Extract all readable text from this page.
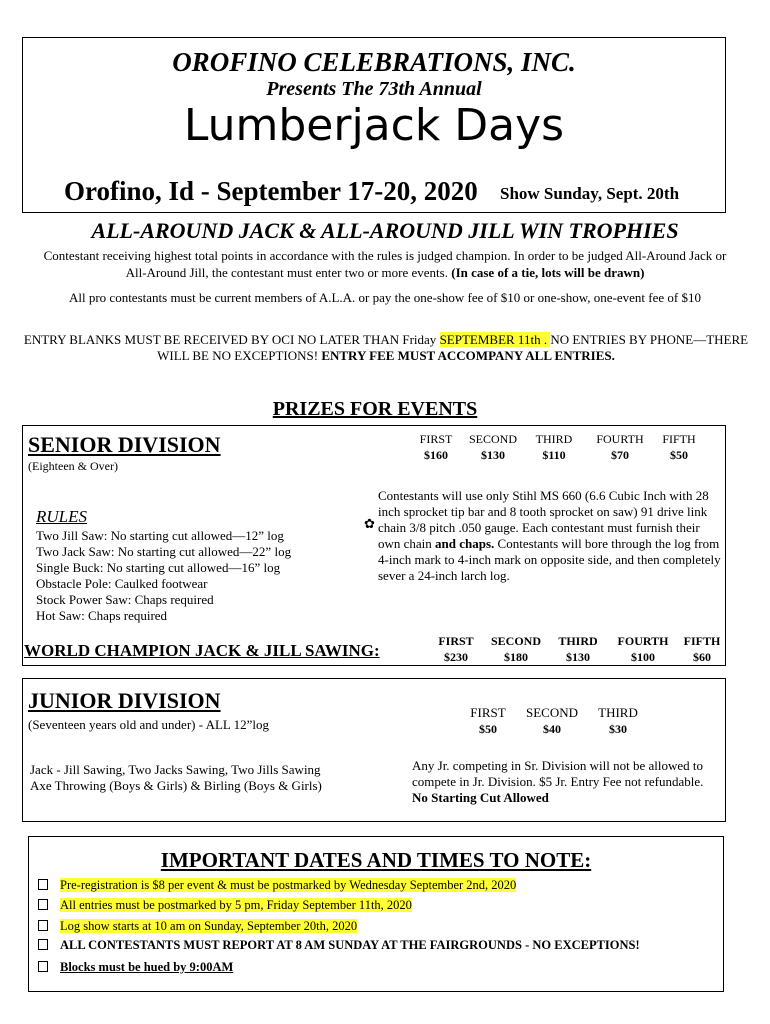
OROFINO CELEBRATIONS, INC.
Presents The 73th Annual
Lumberjack Days
Orofino, Id - September 17-20, 2020 Show Sunday, Sept. 20th
ALL-AROUND JACK & ALL-AROUND JILL WIN TROPHIES
Contestant receiving highest total points in accordance with the rules is judged champion. In order to be judged All-Around Jack or All-Around Jill, the contestant must enter two or more events. (In case of a tie, lots will be drawn)
All pro contestants must be current members of A.L.A. or pay the one-show fee of $10 or one-show, one-event fee of $10
ENTRY BLANKS MUST BE RECEIVED BY OCI NO LATER THAN Friday SEPTEMBER 11th . NO ENTRIES BY PHONE—THERE WILL BE NO EXCEPTIONS! ENTRY FEE MUST ACCOMPANY ALL ENTRIES.
PRIZES FOR EVENTS
SENIOR DIVISION
(Eighteen & Over)
FIRST	SECOND	THIRD	FOURTH	FIFTH
$160	$130	$110	$70	$50
RULES
Two Jill Saw: No starting cut allowed—12” log
Two Jack Saw: No starting cut allowed—22” log
Single Buck: No starting cut allowed—16” log
Obstacle Pole: Caulked footwear
Stock Power Saw: Chaps required
Hot Saw: Chaps required
✿
Contestants will use only Stihl MS 660 (6.6 Cubic Inch with 28 inch sprocket tip bar and 8 tooth sprocket on saw) 91 drive link chain 3/8 pitch .050 gauge. Each contestant must furnish their own chain and chaps. Contestants will bore through the log from 4-inch mark to 4-inch mark on opposite side, and then completely sever a 24-inch larch log.
WORLD CHAMPION JACK & JILL SAWING:	FIRST	SECOND	THIRD	FOURTH	FIFTH
$230	$180	$130	$100	$60
JUNIOR DIVISION
(Seventeen years old and under) - ALL 12”log
FIRST	SECOND	THIRD
$50	$40	$30
Jack - Jill Sawing, Two Jacks Sawing, Two Jills Sawing
Axe Throwing (Boys & Girls) & Birling (Boys & Girls)
Any Jr. competing in Sr. Division will not be allowed to compete in Jr. Division. $5 Jr. Entry Fee not refundable. No Starting Cut Allowed
IMPORTANT DATES AND TIMES TO NOTE:
Pre-registration is $8 per event & must be postmarked by Wednesday September 2nd, 2020
All entries must be postmarked by 5 pm, Friday September 11th, 2020
Log show starts at 10 am on Sunday, September 20th, 2020
ALL CONTESTANTS MUST REPORT AT 8 AM SUNDAY AT THE FAIRGROUNDS - NO EXCEPTIONS!
Blocks must be hued by 9:00AM
